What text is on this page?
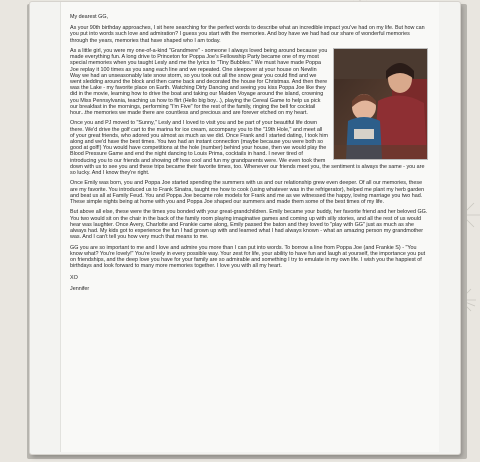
My dearest GG,

As your 90th birthday approaches, I sit here searching for the perfect words to describe what an incredible impact you've had on my life. But how can you put into words such love and admiration? I guess you start with the memories. And boy have we had had our share of wonderful memories through the years, memories that have shaped who I am today.

As a little girl, you were my one-of-a-kind "Grandmere" - someone I always loved being around because you made everything fun. A long drive to Princeton for Poppa Joe's Fellowship Party became one of my most special memories when you taught Lesly and me the lyrics to "Tiny Bubbles." We must have made Poppa Joe replay it 100 times as you sang each line and we repeated. One sleepover at your house on Newlin Way we had an unseasonably late snow storm, so you took out all the snow gear you could find and we went sledding around the block and then came back and decorated the house for Christmas. And then there was the Lake - my favorite place on Earth. Watching Dirty Dancing and seeing you kiss Poppa Joe like they did in the movie, learning how to drive the boat and taking our Maiden Voyage around the island, crowning you Miss Pennsylvania, teaching us how to flirt (Hello big boy...), playing the Cereal Game to help us pick our breakfast in the mornings, performing "I'm Five" for the rest of the family, ringing the bell for cocktail hour...the memories we made there are countless and precious and are forever etched on my heart.

Once you and PJ moved to "Sunny," Lesly and I loved to visit you and be part of your beautiful life down there. We'd drive the golf cart to the marina for ice cream, accompany you to the "19th Hole," and meet all of your great friends, who adored you almost as much as we did. Once Frank and I started dating, I took him along and we'd have the best times. You two had an instant connection (maybe because you were both so good at golf!) You would have competitions at the hole (number) behind your house, then we would play the Blood Pressure Game and end the night dancing to Louis Prima, cocktails in hand. I never tired of introducing you to our friends and showing off how cool and fun my grandparents were. We even took them down with us to see you and these trips became their favorite times, too. Whenever our friends meet you, the sentiment is always the same - you are so lucky. And I know they're right.

Once Emily was born, you and Poppa Joe started spending the summers with us and our relationship grew even deeper. Of all our memories, these are my favorite. You introduced us to Frank Sinatra, taught me how to cook (using whatever was in the refrigerator), helped me plant my herb garden and beat us all at Family Feud. You and Poppa Joe became role models for Frank and me as we witnessed the happy, loving marriage you two had. These simple nights being at home with you and Poppa Joe shaped our summers and made them some of the best times of my life.

But above all else, these were the times you bonded with your great-grandchildren. Emily became your buddy, her favorite friend and her beloved GG. You two would sit on the chair in the back of the family room playing imaginative games and coming up with silly stories, and all the rest of us would hear was laughter. Once Avery, Charlotte and Frankie came along, Emily passed the baton and they loved to "play with GG" just as much as she always had. My kids got to experience the fun I had grown up with and learned what I had always known - what an amazing person my grandmother was. And I can't tell you how very much that means to me.

GG you are so important to me and I love and admire you more than I can put into words. To borrow a line from Poppa Joe (and Frankie S) - "You know what? You're lovely!" You're lovely in every possible way. Your zest for life, your ability to have fun and laugh at yourself, the importance you put on friendships, and the deep love you have for your family are so admirable and something I try to emulate in my own life. I wish you the happiest of birthdays and look forward to many more memories together. I love you with all my heart.

XO

Jennifer
